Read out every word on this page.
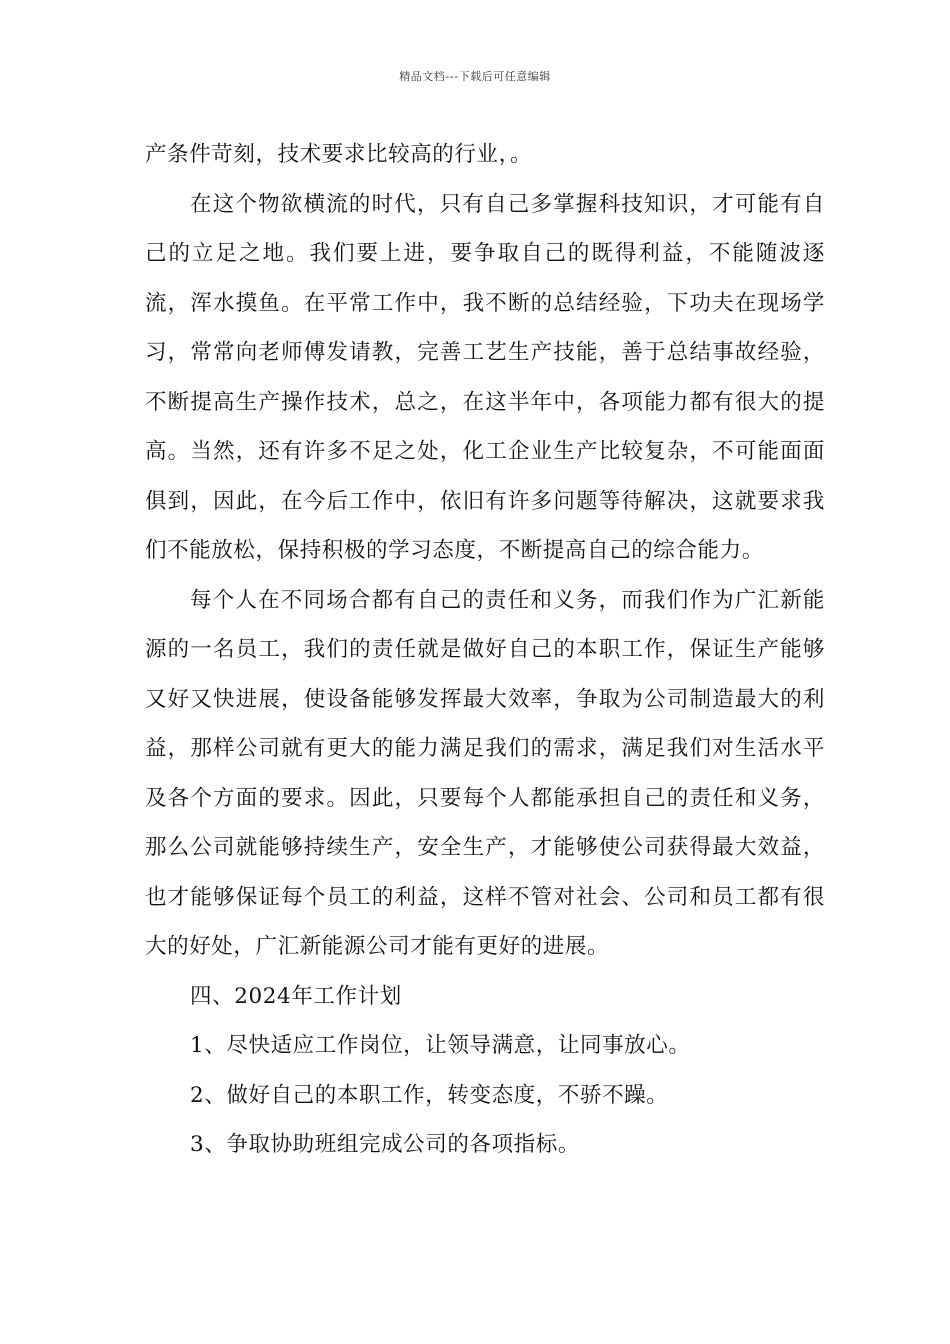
精品文档---下载后可任意编辑

产条件苛刻，技术要求比较高的行业，。

在这个物欲横流的时代，只有自己多掌握科技知识，才可能有自己的立足之地。我们要上进，要争取自己的既得利益，不能随波逐流，浑水摸鱼。在平常工作中，我不断的总结经验，下功夫在现场学习，常常向老师傅发请教，完善工艺生产技能，善于总结事故经验，不断提高生产操作技术，总之，在这半年中，各项能力都有很大的提高。当然，还有许多不足之处，化工企业生产比较复杂，不可能面面俱到，因此，在今后工作中，依旧有许多问题等待解决，这就要求我们不能放松，保持积极的学习态度，不断提高自己的综合能力。

每个人在不同场合都有自己的责任和义务，而我们作为广汇新能源的一名员工，我们的责任就是做好自己的本职工作，保证生产能够又好又快进展，使设备能够发挥最大效率，争取为公司制造最大的利益，那样公司就有更大的能力满足我们的需求，满足我们对生活水平及各个方面的要求。因此，只要每个人都能承担自己的责任和义务，那么公司就能够持续生产，安全生产，才能够使公司获得最大效益，也才能够保证每个员工的利益，这样不管对社会、公司和员工都有很大的好处，广汇新能源公司才能有更好的进展。

四、2024年工作计划

1、尽快适应工作岗位，让领导满意，让同事放心。

2、做好自己的本职工作，转变态度，不骄不躁。

3、争取协助班组完成公司的各项指标。
